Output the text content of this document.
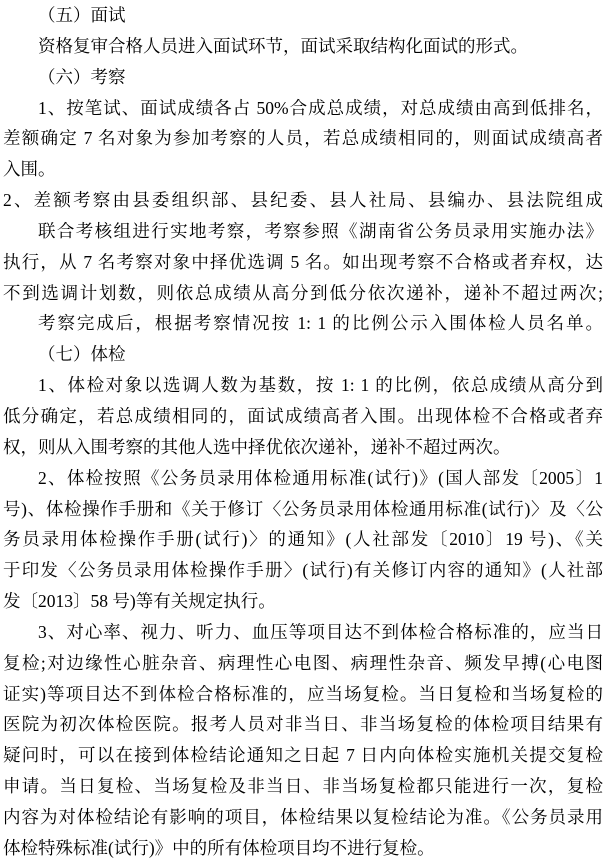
（五）面试
资格复审合格人员进入面试环节，面试采取结构化面试的形式。
（六）考察
1、按笔试、面试成绩各占 50%合成总成绩，对总成绩由高到低排名，
差额确定 7 名对象为参加考察的人员，若总成绩相同的，则面试成绩高者
入围。
2、差额考察由县委组织部、县纪委、县人社局、县编办、县法院组成
联合考核组进行实地考察，考察参照《湖南省公务员录用实施办法》
执行，从 7 名考察对象中择优选调 5 名。如出现考察不合格或者弃权，达
不到选调计划数，则依总成绩从高分到低分依次递补，递补不超过两次;
考察完成后，根据考察情况按 1: 1 的比例公示入围体检人员名单。
（七）体检
1、体检对象以选调人数为基数，按 1: 1 的比例，依总成绩从高分到
低分确定，若总成绩相同的，面试成绩高者入围。出现体检不合格或者弃
权，则从入围考察的其他人选中择优依次递补，递补不超过两次。
2、体检按照《公务员录用体检通用标准(试行)》(国人部发〔2005〕1
号)、体检操作手册和《关于修订〈公务员录用体检通用标准(试行)〉及〈公
务员录用体检操作手册(试行)〉的通知》(人社部发〔2010〕19 号)、《关
于印发〈公务员录用体检操作手册〉(试行)有关修订内容的通知》(人社部
发〔2013〕58 号)等有关规定执行。
3、对心率、视力、听力、血压等项目达不到体检合格标准的，应当日
复检;对边缘性心脏杂音、病理性心电图、病理性杂音、频发早搏(心电图
证实)等项目达不到体检合格标准的，应当场复检。当日复检和当场复检的
医院为初次体检医院。报考人员对非当日、非当场复检的体检项目结果有
疑问时，可以在接到体检结论通知之日起 7 日内向体检实施机关提交复检
申请。当日复检、当场复检及非当日、非当场复检都只能进行一次，复检
内容为对体检结论有影响的项目，体检结果以复检结论为准。《公务员录用
体检特殊标准(试行)》中的所有体检项目均不进行复检。
